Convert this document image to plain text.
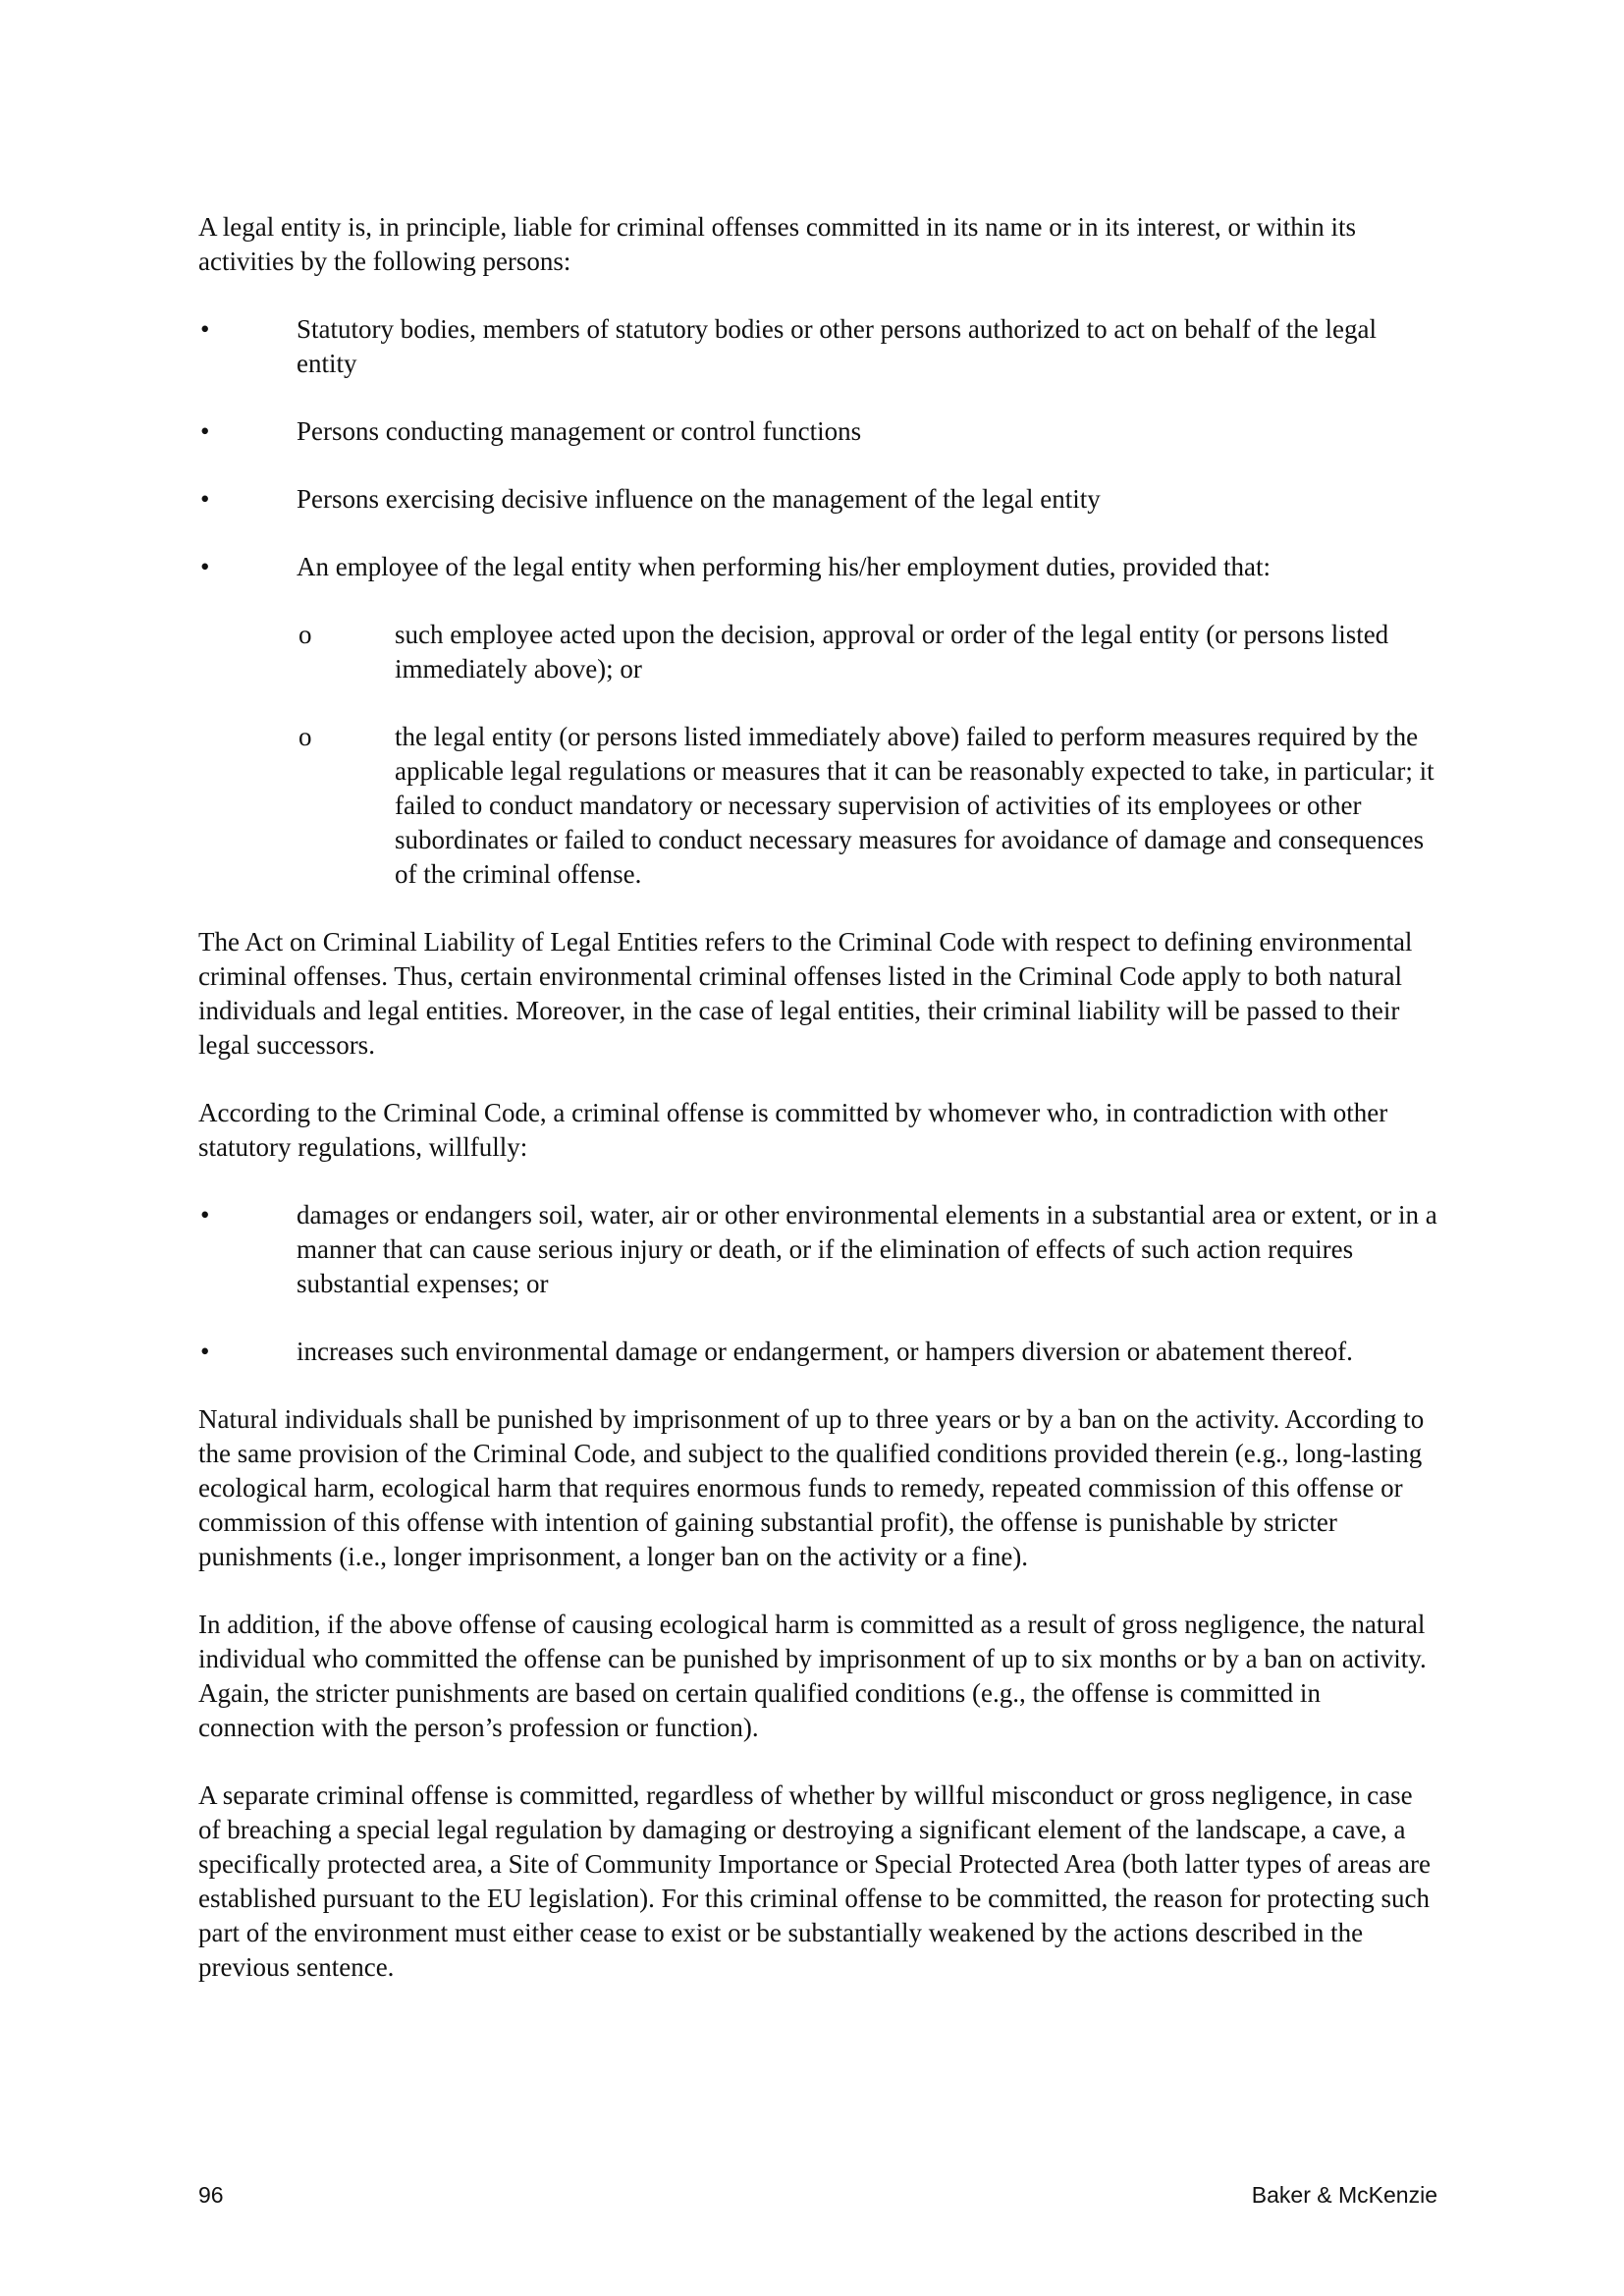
A legal entity is, in principle, liable for criminal offenses committed in its name or in its interest, or within its activities by the following persons:

•	Statutory bodies, members of statutory bodies or other persons authorized to act on behalf of the legal entity
•	Persons conducting management or control functions
•	Persons exercising decisive influence on the management of the legal entity
•	An employee of the legal entity when performing his/her employment duties, provided that:
o	such employee acted upon the decision, approval or order of the legal entity (or persons listed immediately above); or
o	the legal entity (or persons listed immediately above) failed to perform measures required by the applicable legal regulations or measures that it can be reasonably expected to take, in particular; it failed to conduct mandatory or necessary supervision of activities of its employees or other subordinates or failed to conduct necessary measures for avoidance of damage and consequences of the criminal offense.

The Act on Criminal Liability of Legal Entities refers to the Criminal Code with respect to defining environmental criminal offenses. Thus, certain environmental criminal offenses listed in the Criminal Code apply to both natural individuals and legal entities. Moreover, in the case of legal entities, their criminal liability will be passed to their legal successors.

According to the Criminal Code, a criminal offense is committed by whomever who, in contradiction with other statutory regulations, willfully:

•	damages or endangers soil, water, air or other environmental elements in a substantial area or extent, or in a manner that can cause serious injury or death, or if the elimination of effects of such action requires substantial expenses; or
•	increases such environmental damage or endangerment, or hampers diversion or abatement thereof.

Natural individuals shall be punished by imprisonment of up to three years or by a ban on the activity. According to the same provision of the Criminal Code, and subject to the qualified conditions provided therein (e.g., long-lasting ecological harm, ecological harm that requires enormous funds to remedy, repeated commission of this offense or commission of this offense with intention of gaining substantial profit), the offense is punishable by stricter punishments (i.e., longer imprisonment, a longer ban on the activity or a fine).

In addition, if the above offense of causing ecological harm is committed as a result of gross negligence, the natural individual who committed the offense can be punished by imprisonment of up to six months or by a ban on activity. Again, the stricter punishments are based on certain qualified conditions (e.g., the offense is committed in connection with the person’s profession or function).

A separate criminal offense is committed, regardless of whether by willful misconduct or gross negligence, in case of breaching a special legal regulation by damaging or destroying a significant element of the landscape, a cave, a specifically protected area, a Site of Community Importance or Special Protected Area (both latter types of areas are established pursuant to the EU legislation). For this criminal offense to be committed, the reason for protecting such part of the environment must either cease to exist or be substantially weakened by the actions described in the previous sentence.

96	Baker & McKenzie
